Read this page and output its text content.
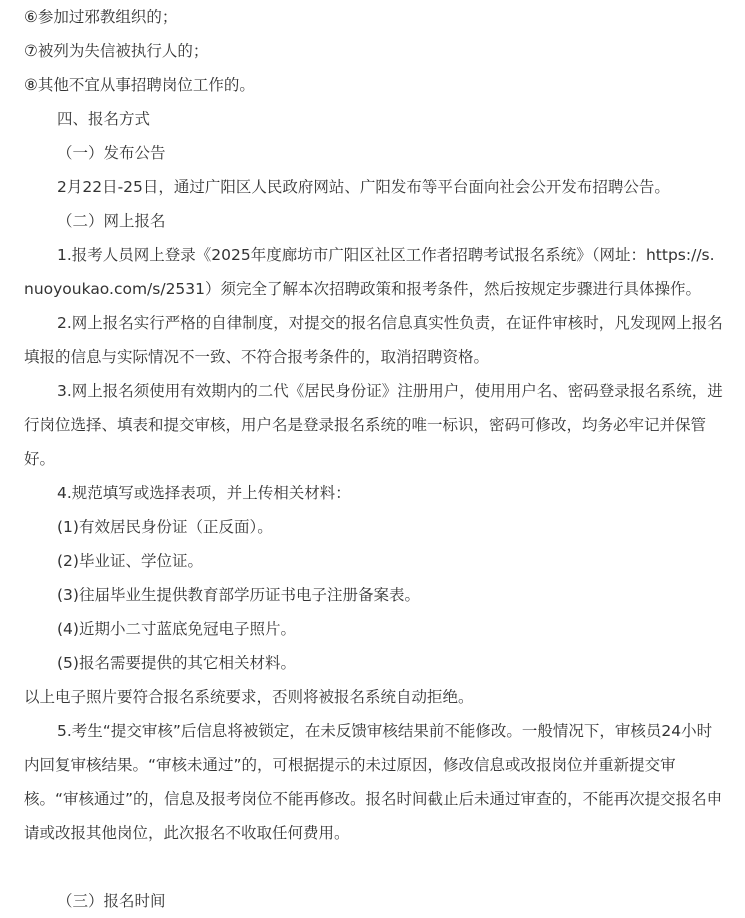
⑥参加过邪教组织的；

⑦被列为失信被执行人的；

⑧其他不宜从事招聘岗位工作的。

四、报名方式

（一）发布公告

2月22日-25日，通过广阳区人民政府网站、广阳发布等平台面向社会公开发布招聘公告。

（二）网上报名

1.报考人员网上登录《2025年度廊坊市广阳区社区工作者招聘考试报名系统》（网址：https://s.nuoyoukao.com/s/2531）须完全了解本次招聘政策和报考条件，然后按规定步骤进行具体操作。

2.网上报名实行严格的自律制度，对提交的报名信息真实性负责，在证件审核时，凡发现网上报名填报的信息与实际情况不一致、不符合报考条件的，取消招聘资格。

3.网上报名须使用有效期内的二代《居民身份证》注册用户，使用用户名、密码登录报名系统，进行岗位选择、填表和提交审核，用户名是登录报名系统的唯一标识，密码可修改，均务必牢记并保管好。

4.规范填写或选择表项，并上传相关材料：

(1)有效居民身份证（正反面）。

(2)毕业证、学位证。

(3)往届毕业生提供教育部学历证书电子注册备案表。

(4)近期小二寸蓝底免冠电子照片。

(5)报名需要提供的其它相关材料。

以上电子照片要符合报名系统要求，否则将被报名系统自动拒绝。

5.考生“提交审核”后信息将被锁定，在未反馈审核结果前不能修改。一般情况下，审核员24小时内回复审核结果。“审核未通过”的，可根据提示的未过原因，修改信息或改报岗位并重新提交审核。“审核通过”的，信息及报考岗位不能再修改。报名时间截止后未通过审查的，不能再次提交报名申请或改报其他岗位，此次报名不收取任何费用。

（三）报名时间
